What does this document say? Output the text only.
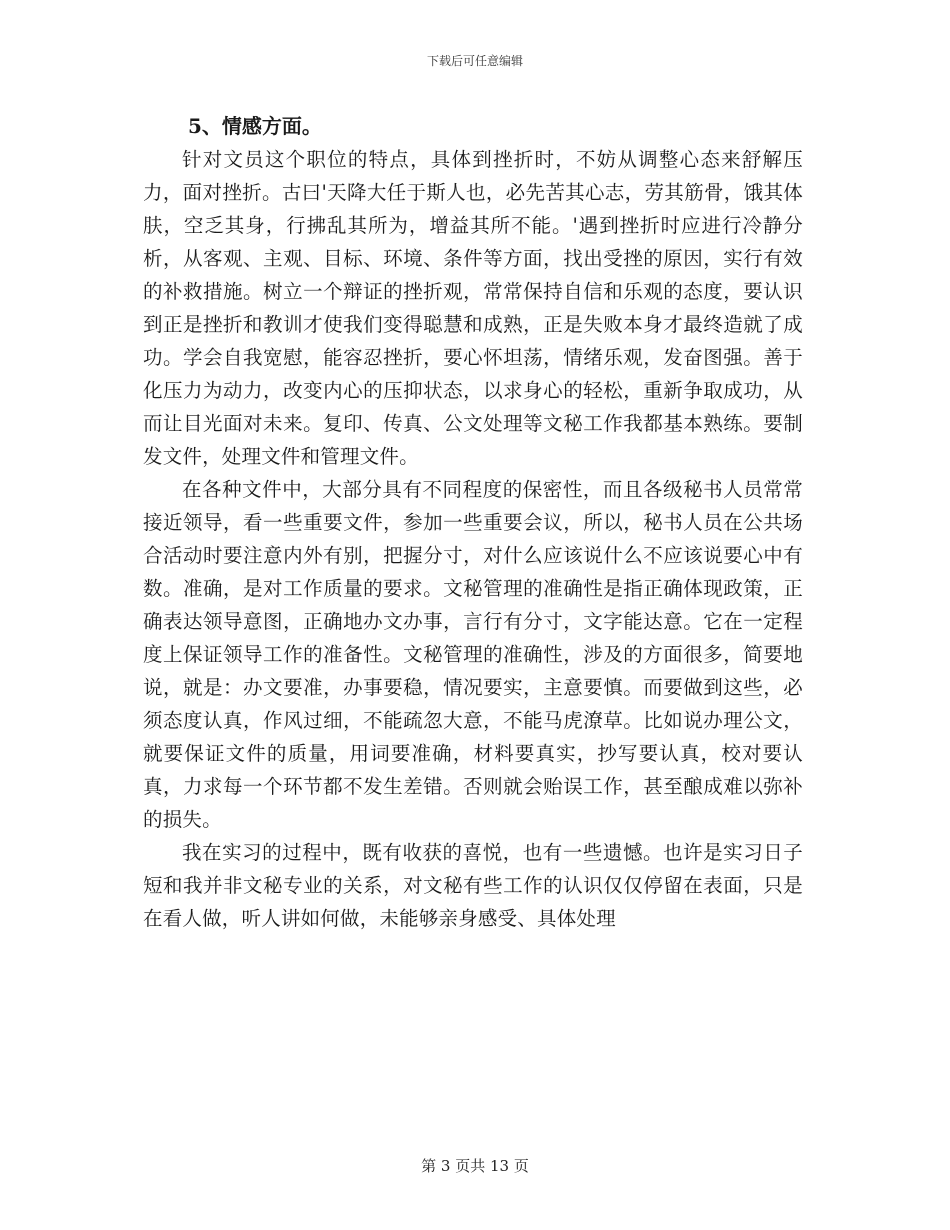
下载后可任意编辑
5、情感方面。

针对文员这个职位的特点，具体到挫折时，不妨从调整心态来舒解压力，面对挫折。古曰'天降大任于斯人也，必先苦其心志，劳其筋骨，饿其体肤，空乏其身，行拂乱其所为，增益其所不能。'遇到挫折时应进行冷静分析，从客观、主观、目标、环境、条件等方面，找出受挫的原因，实行有效的补救措施。树立一个辩证的挫折观，常常保持自信和乐观的态度，要认识到正是挫折和教训才使我们变得聪慧和成熟，正是失败本身才最终造就了成功。学会自我宽慰，能容忍挫折，要心怀坦荡，情绪乐观，发奋图强。善于化压力为动力，改变内心的压抑状态，以求身心的轻松，重新争取成功，从而让目光面对未来。复印、传真、公文处理等文秘工作我都基本熟练。要制发文件，处理文件和管理文件。

在各种文件中，大部分具有不同程度的保密性，而且各级秘书人员常常接近领导，看一些重要文件，参加一些重要会议，所以，秘书人员在公共场合活动时要注意内外有别，把握分寸，对什么应该说什么不应该说要心中有数。准确，是对工作质量的要求。文秘管理的准确性是指正确体现政策，正确表达领导意图，正确地办文办事，言行有分寸，文字能达意。它在一定程度上保证领导工作的准备性。文秘管理的准确性，涉及的方面很多，简要地说，就是：办文要准，办事要稳，情况要实，主意要慎。而要做到这些，必须态度认真，作风过细，不能疏忽大意，不能马虎潦草。比如说办理公文，就要保证文件的质量，用词要准确，材料要真实，抄写要认真，校对要认真，力求每一个环节都不发生差错。否则就会贻误工作，甚至酿成难以弥补的损失。

我在实习的过程中，既有收获的喜悦，也有一些遗憾。也许是实习日子短和我并非文秘专业的关系，对文秘有些工作的认识仅仅停留在表面，只是在看人做，听人讲如何做，未能够亲身感受、具体处理

第 3 页共 13 页
